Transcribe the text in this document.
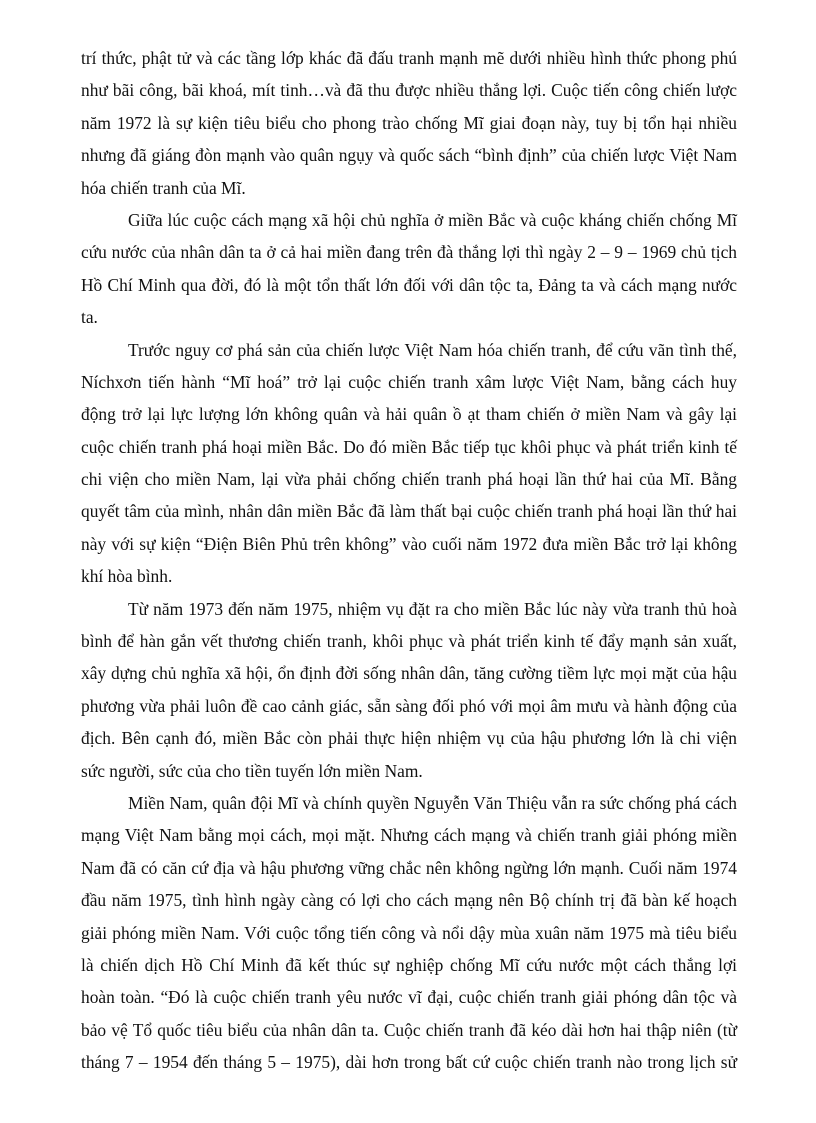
trí thức, phật tử và các tầng lớp khác đã đấu tranh mạnh mẽ dưới nhiều hình thức phong phú
như bãi công, bãi khoá, mít tinh…và đã thu được nhiều thắng lợi. Cuộc tiến công chiến lược
năm 1972 là sự kiện tiêu biểu cho phong trào chống Mĩ giai đoạn này, tuy bị tổn hại nhiều
nhưng đã giáng đòn mạnh vào quân ngụy và quốc sách “bình định” của chiến lược Việt Nam
hóa chiến tranh của Mĩ.

Giữa lúc cuộc cách mạng xã hội chủ nghĩa ở miền Bắc và cuộc kháng chiến chống Mĩ
cứu nước của nhân dân ta ở cả hai miền đang trên đà thắng lợi thì ngày 2 – 9 – 1969 chủ tịch
Hồ Chí Minh qua đời, đó là một tổn thất lớn đối với dân tộc ta, Đảng ta và cách mạng nước
ta.

Trước nguy cơ phá sản của chiến lược Việt Nam hóa chiến tranh, để cứu vãn tình thế,
Níchxơn tiến hành “Mĩ hoá” trở lại cuộc chiến tranh xâm lược Việt Nam, bằng cách huy
động trở lại lực lượng lớn không quân và hải quân ồ ạt tham chiến ở miền Nam và gây lại
cuộc chiến tranh phá hoại miền Bắc. Do đó miền Bắc tiếp tục khôi phục và phát triển kinh tế
chi viện cho miền Nam, lại vừa phải chống chiến tranh phá hoại lần thứ hai của Mĩ. Bằng
quyết tâm của mình, nhân dân miền Bắc đã làm thất bại cuộc chiến tranh phá hoại lần thứ hai
này với sự kiện “Điện Biên Phủ trên không” vào cuối năm 1972 đưa miền Bắc trở lại không
khí hòa bình.

Từ năm 1973 đến năm 1975, nhiệm vụ đặt ra cho miền Bắc lúc này vừa tranh thủ hoà
bình để hàn gắn vết thương chiến tranh, khôi phục và phát triển kinh tế đẩy mạnh sản xuất,
xây dựng chủ nghĩa xã hội, ổn định đời sống nhân dân, tăng cường tiềm lực mọi mặt của hậu
phương vừa phải luôn đề cao cảnh giác, sẵn sàng đối phó với mọi âm mưu và hành động của
địch. Bên cạnh đó, miền Bắc còn phải thực hiện nhiệm vụ của hậu phương lớn là chi viện
sức người, sức của cho tiền tuyến lớn miền Nam.

Miền Nam, quân đội Mĩ và chính quyền Nguyễn Văn Thiệu vẫn ra sức chống phá cách
mạng Việt Nam bằng mọi cách, mọi mặt. Nhưng cách mạng và chiến tranh giải phóng miền
Nam đã có căn cứ địa và hậu phương vững chắc nên không ngừng lớn mạnh. Cuối năm 1974
đầu năm 1975, tình hình ngày càng có lợi cho cách mạng nên Bộ chính trị đã bàn kế hoạch
giải phóng miền Nam. Với cuộc tổng tiến công và nổi dậy mùa xuân năm 1975 mà tiêu biểu
là chiến dịch Hồ Chí Minh đã kết thúc sự nghiệp chống Mĩ cứu nước một cách thắng lợi
hoàn toàn. “Đó là cuộc chiến tranh yêu nước vĩ đại, cuộc chiến tranh giải phóng dân tộc và
bảo vệ Tổ quốc tiêu biểu của nhân dân ta. Cuộc chiến tranh đã kéo dài hơn hai thập niên (từ
tháng 7 – 1954 đến tháng 5 – 1975), dài hơn trong bất cứ cuộc chiến tranh nào trong lịch sử
